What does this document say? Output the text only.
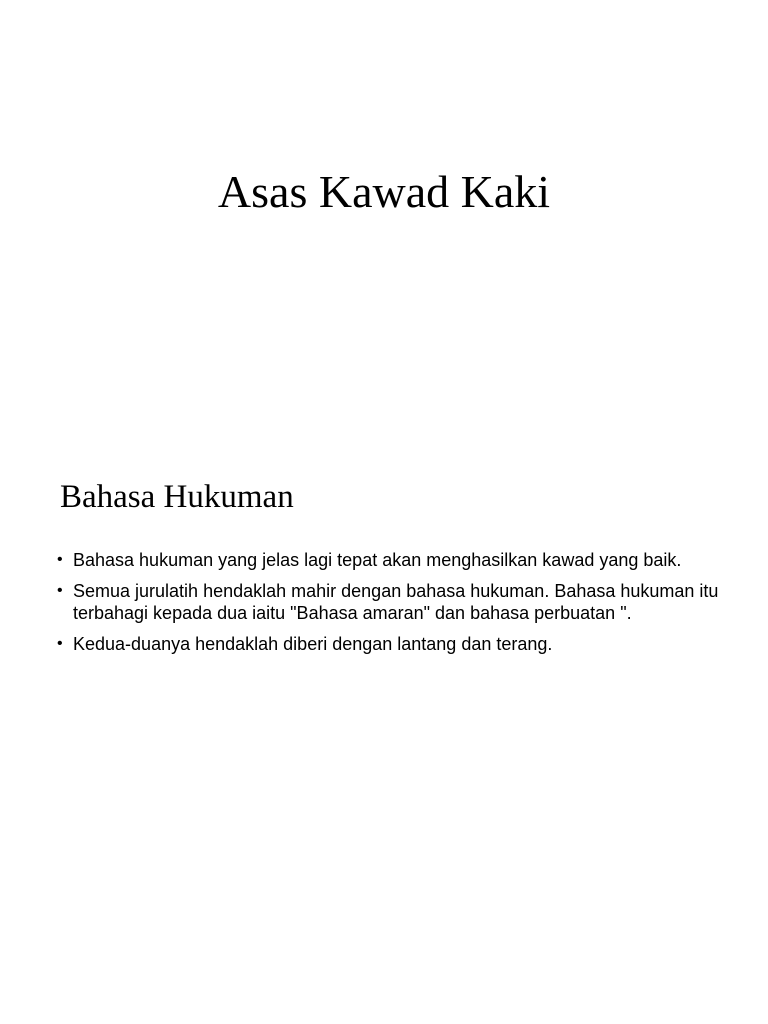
Asas Kawad Kaki
Bahasa Hukuman
• Bahasa hukuman yang jelas lagi tepat akan menghasilkan kawad yang baik.
• Semua jurulatih hendaklah mahir dengan bahasa hukuman. Bahasa hukuman itu terbahagi kepada dua iaitu "Bahasa amaran" dan bahasa perbuatan ".
• Kedua-duanya hendaklah diberi dengan lantang dan terang.
